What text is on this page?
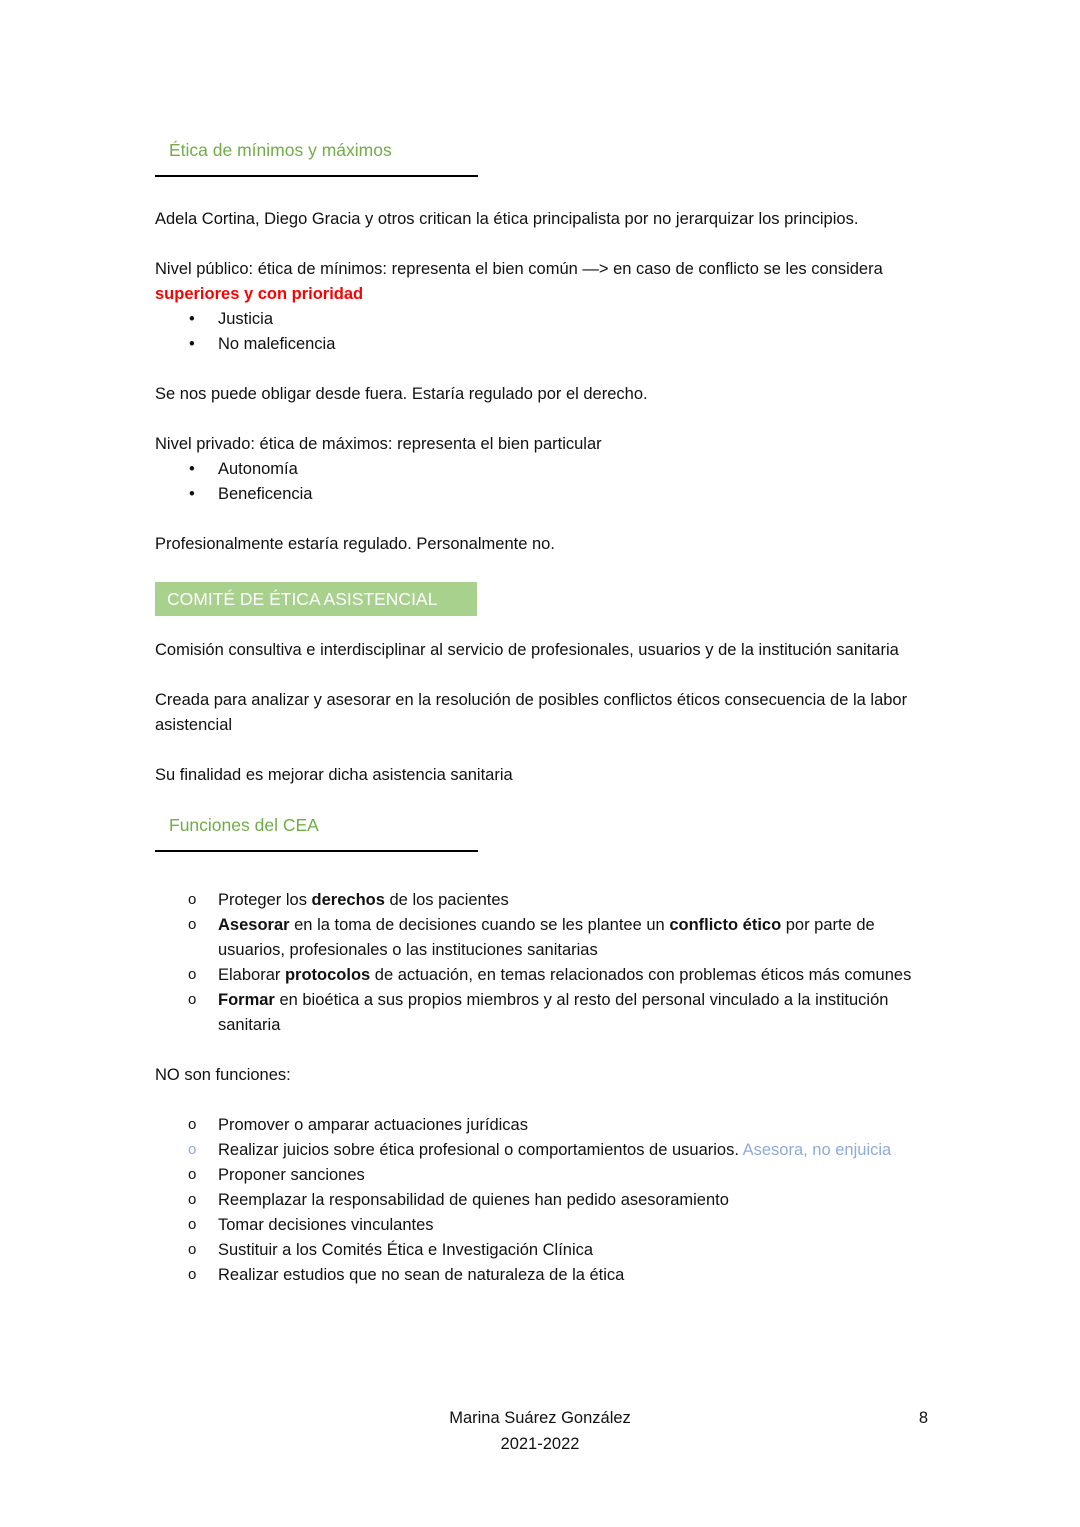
Ética de mínimos y máximos

Adela Cortina, Diego Gracia y otros critican la ética principalista por no jerarquizar los principios.

Nivel público: ética de mínimos: representa el bien común —> en caso de conflicto se les considera superiores y con prioridad

• Justicia
• No maleficencia

Se nos puede obligar desde fuera. Estaría regulado por el derecho.

Nivel privado: ética de máximos: representa el bien particular

• Autonomía
• Beneficencia

Profesionalmente estaría regulado. Personalmente no.

COMITÉ DE ÉTICA ASISTENCIAL

Comisión consultiva e interdisciplinar al servicio de profesionales, usuarios y de la institución sanitaria

Creada para analizar y asesorar en la resolución de posibles conflictos éticos consecuencia de la labor asistencial

Su finalidad es mejorar dicha asistencia sanitaria

Funciones del CEA
o Proteger los derechos de los pacientes
o Asesorar en la toma de decisiones cuando se les plantee un conflicto ético por parte de usuarios, profesionales o las instituciones sanitarias
o Elaborar protocolos de actuación, en temas relacionados con problemas éticos más comunes
o Formar en bioética a sus propios miembros y al resto del personal vinculado a la institución sanitaria

NO son funciones:

o Promover o amparar actuaciones jurídicas
o Realizar juicios sobre ética profesional o comportamientos de usuarios. Asesora, no enjuicia
o Proponer sanciones
o Reemplazar la responsabilidad de quienes han pedido asesoramiento
o Tomar decisiones vinculantes
o Sustituir a los Comités Ética e Investigación Clínica
o Realizar estudios que no sean de naturaleza de la ética
Marina Suárez González
2021-2022
8
